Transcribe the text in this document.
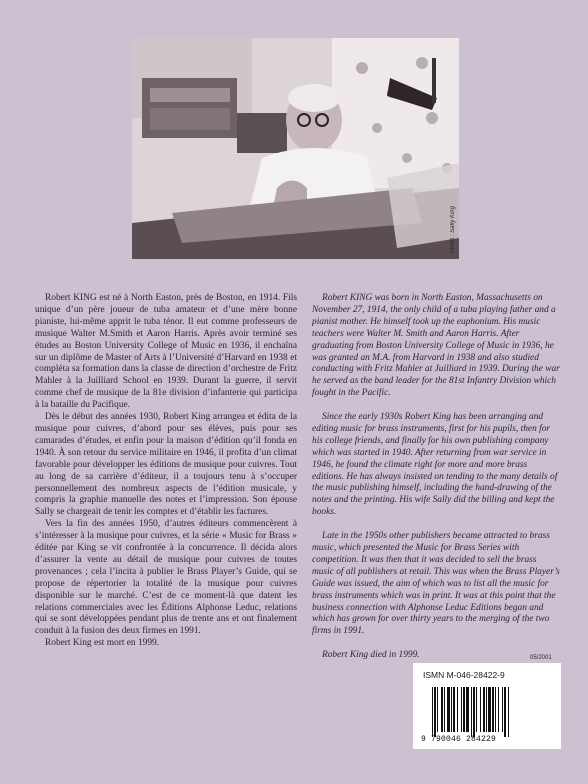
Photo : Sally King

Robert KING est né à North Easton, près de Boston, en 1914. Fils unique d’un père joueur de tuba amateur et d’une mère bonne pianiste, lui-même apprit le tuba ténor. Il eut comme professeurs de musique Walter M.Smith et Aaron Harris. Après avoir terminé ses études au Boston University College of Music en 1936, il enchaîna sur un diplôme de Master of Arts à l’Université d’Harvard en 1938 et compléta sa formation dans la classe de direction d’orchestre de Fritz Mahler à la Juilliard School en 1939. Durant la guerre, il servit comme chef de musique de la 81e division d’infanterie qui participa à la bataille du Pacifique.

Dès le début des années 1930, Robert King arrangea et édita de la musique pour cuivres, d’abord pour ses élèves, puis pour ses camarades d’études, et enfin pour la maison d’édition qu’il fonda en 1940. À son retour du service militaire en 1946, il profita d’un climat favorable pour développer les éditions de musique pour cuivres. Tout au long de sa carrière d’éditeur, il a toujours tenu à s’occuper personnellement des nombreux aspects de l’édition musicale, y compris la graphie manuelle des notes et l’impression. Son épouse Sally se chargeait de tenir les comptes et d’établir les factures.

Vers la fin des années 1950, d’autres éditeurs commencèrent à s’intéresser à la musique pour cuivres, et la série « Music for Brass » éditée par King se vit confrontée à la concurrence. Il décida alors d’assurer la vente au détail de musique pour cuivres de toutes provenances ; cela l’incita à publier le Brass Player’s Guide, qui se propose de répertorier la totalité de la musique pour cuivres disponible sur le marché. C’est de ce moment-là que datent les relations commerciales avec les Éditions Alphonse Leduc, relations qui se sont développées pendant plus de trente ans et ont finalement conduit à la fusion des deux firmes en 1991.

Robert King est mort en 1999.

Robert KING was born in North Easton, Massachusetts on November 27, 1914, the only child of a tuba playing father and a pianist mother. He himself took up the euphonium. His music teachers were Walter M. Smith and Aaron Harris. After graduating from Boston University College of Music in 1936, he was granted an M.A. from Harvard in 1938 and also studied conducting with Fritz Mahler at Juilliard in 1939. During the war he served as the band leader for the 81st Infantry Division which fought in the Pacific.

Since the early 1930s Robert King has been arranging and editing music for brass instruments, first for his pupils, then for his college friends, and finally for his own publishing company which was started in 1940. After returning from war service in 1946, he found the climate right for more and more brass editions. He has always insisted on tending to the many details of the music publishing himself, including the hand-drawing of the notes and the printing. His wife Sally did the billing and kept the books.

Late in the 1950s other publishers became attracted to brass music, which presented the Music for Brass Series with competition. It was then that it was decided to sell the brass music of all publishers at retail. This was when the Brass Player’s Guide was issued, the aim of which was to list all the music for brass instruments which was in print. It was at this point that the business connection with Alphonse Leduc Editions began and which has grown for over thirty years to the merging of the two firms in 1991.

Robert King died in 1999.	05/2001
ISMN M-046-28422-9
9 790046 284229
